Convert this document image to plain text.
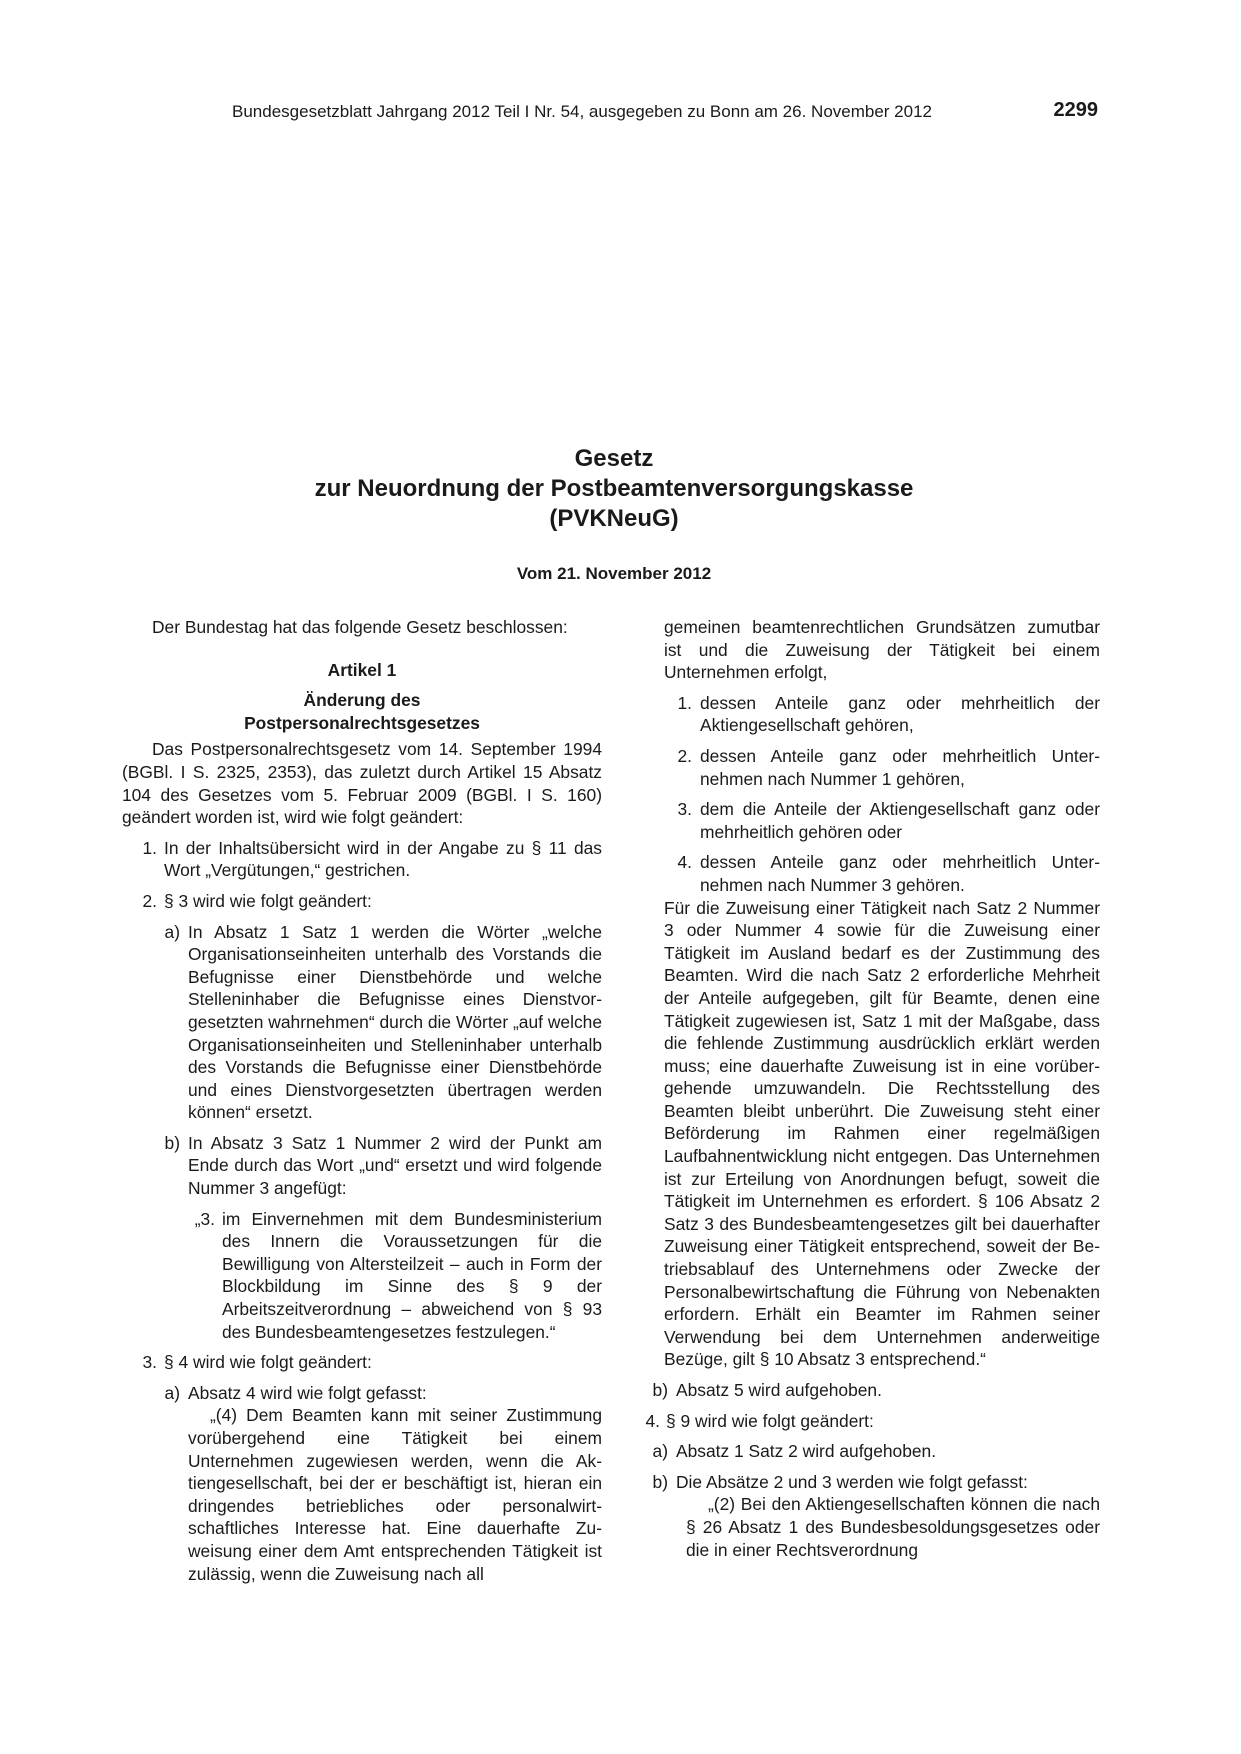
Bundesgesetzblatt Jahrgang 2012 Teil I Nr. 54, ausgegeben zu Bonn am 26. November 2012	2299
Gesetz
zur Neuordnung der Postbeamtenversorgungskasse
(PVKNeuG)
Vom 21. November 2012

Der Bundestag hat das folgende Gesetz beschlossen:

Artikel 1

Änderung des

Postpersonalrechtsgesetzes

Das Postpersonalrechtsgesetz vom 14. September 1994 (BGBl. I S. 2325, 2353), das zuletzt durch Artikel 15 Absatz 104 des Gesetzes vom 5. Februar 2009 (BGBl. I S. 160) geändert worden ist, wird wie folgt geändert:

1. In der Inhaltsübersicht wird in der Angabe zu § 11 das Wort „Vergütungen,“ gestrichen.
2. § 3 wird wie folgt geändert:
a) In Absatz 1 Satz 1 werden die Wörter „welche Organisationseinheiten unterhalb des Vorstands die Befugnisse einer Dienstbehörde und welche Stelleninhaber die Befugnisse eines Dienstvorgesetzten wahrnehmen“ durch die Wörter „auf welche Organisationseinheiten und Stelleninhaber unterhalb des Vorstands die Befugnisse einer Dienstbehörde und eines Dienstvorgesetzten übertragen werden können“ ersetzt.
b) In Absatz 3 Satz 1 Nummer 2 wird der Punkt am Ende durch das Wort „und“ ersetzt und wird folgende Nummer 3 angefügt:
„3. im Einvernehmen mit dem Bundesministerium des Innern die Voraussetzungen für die Bewilligung von Altersteilzeit – auch in Form der Blockbildung im Sinne des § 9 der Arbeitszeitverordnung – abweichend von § 93 des Bundesbeamtengesetzes festzulegen.“
3. § 4 wird wie folgt geändert:
a) Absatz 4 wird wie folgt gefasst:

„(4) Dem Beamten kann mit seiner Zustimmung vorübergehend eine Tätigkeit bei einem Unternehmen zugewiesen werden, wenn die Aktiengesellschaft, bei der er beschäftigt ist, hieran ein dringendes betriebliches oder personalwirtschaftliches Interesse hat. Eine dauerhafte Zuweisung einer dem Amt entsprechenden Tätigkeit ist zulässig, wenn die Zuweisung nach all

gemeinen beamtenrechtlichen Grundsätzen zumutbar ist und die Zuweisung der Tätigkeit bei einem Unternehmen erfolgt,

1. dessen Anteile ganz oder mehrheitlich der Aktiengesellschaft gehören,
2. dessen Anteile ganz oder mehrheitlich Unternehmen nach Nummer 1 gehören,
3. dem die Anteile der Aktiengesellschaft ganz oder mehrheitlich gehören oder
4. dessen Anteile ganz oder mehrheitlich Unternehmen nach Nummer 3 gehören.

Für die Zuweisung einer Tätigkeit nach Satz 2 Nummer 3 oder Nummer 4 sowie für die Zuweisung einer Tätigkeit im Ausland bedarf es der Zustimmung des Beamten. Wird die nach Satz 2 erforderliche Mehrheit der Anteile aufgegeben, gilt für Beamte, denen eine Tätigkeit zugewiesen ist, Satz 1 mit der Maßgabe, dass die fehlende Zustimmung ausdrücklich erklärt werden muss; eine dauerhafte Zuweisung ist in eine vorübergehende umzuwandeln. Die Rechtsstellung des Beamten bleibt unberührt. Die Zuweisung steht einer Beförderung im Rahmen einer regelmäßigen Laufbahnentwicklung nicht entgegen. Das Unternehmen ist zur Erteilung von Anordnungen befugt, soweit die Tätigkeit im Unternehmen es erfordert. § 106 Absatz 2 Satz 3 des Bundesbeamtengesetzes gilt bei dauerhafter Zuweisung einer Tätigkeit entsprechend, soweit der Betriebsablauf des Unternehmens oder Zwecke der Personalbewirtschaftung die Führung von Nebenakten erfordern. Erhält ein Beamter im Rahmen seiner Verwendung bei dem Unternehmen anderweitige Bezüge, gilt § 10 Absatz 3 entsprechend.“

b) Absatz 5 wird aufgehoben.
4. § 9 wird wie folgt geändert:
a) Absatz 1 Satz 2 wird aufgehoben.
b) Die Absätze 2 und 3 werden wie folgt gefasst:

„(2) Bei den Aktiengesellschaften können die nach § 26 Absatz 1 des Bundesbesoldungsgesetzes oder die in einer Rechtsverordnung
